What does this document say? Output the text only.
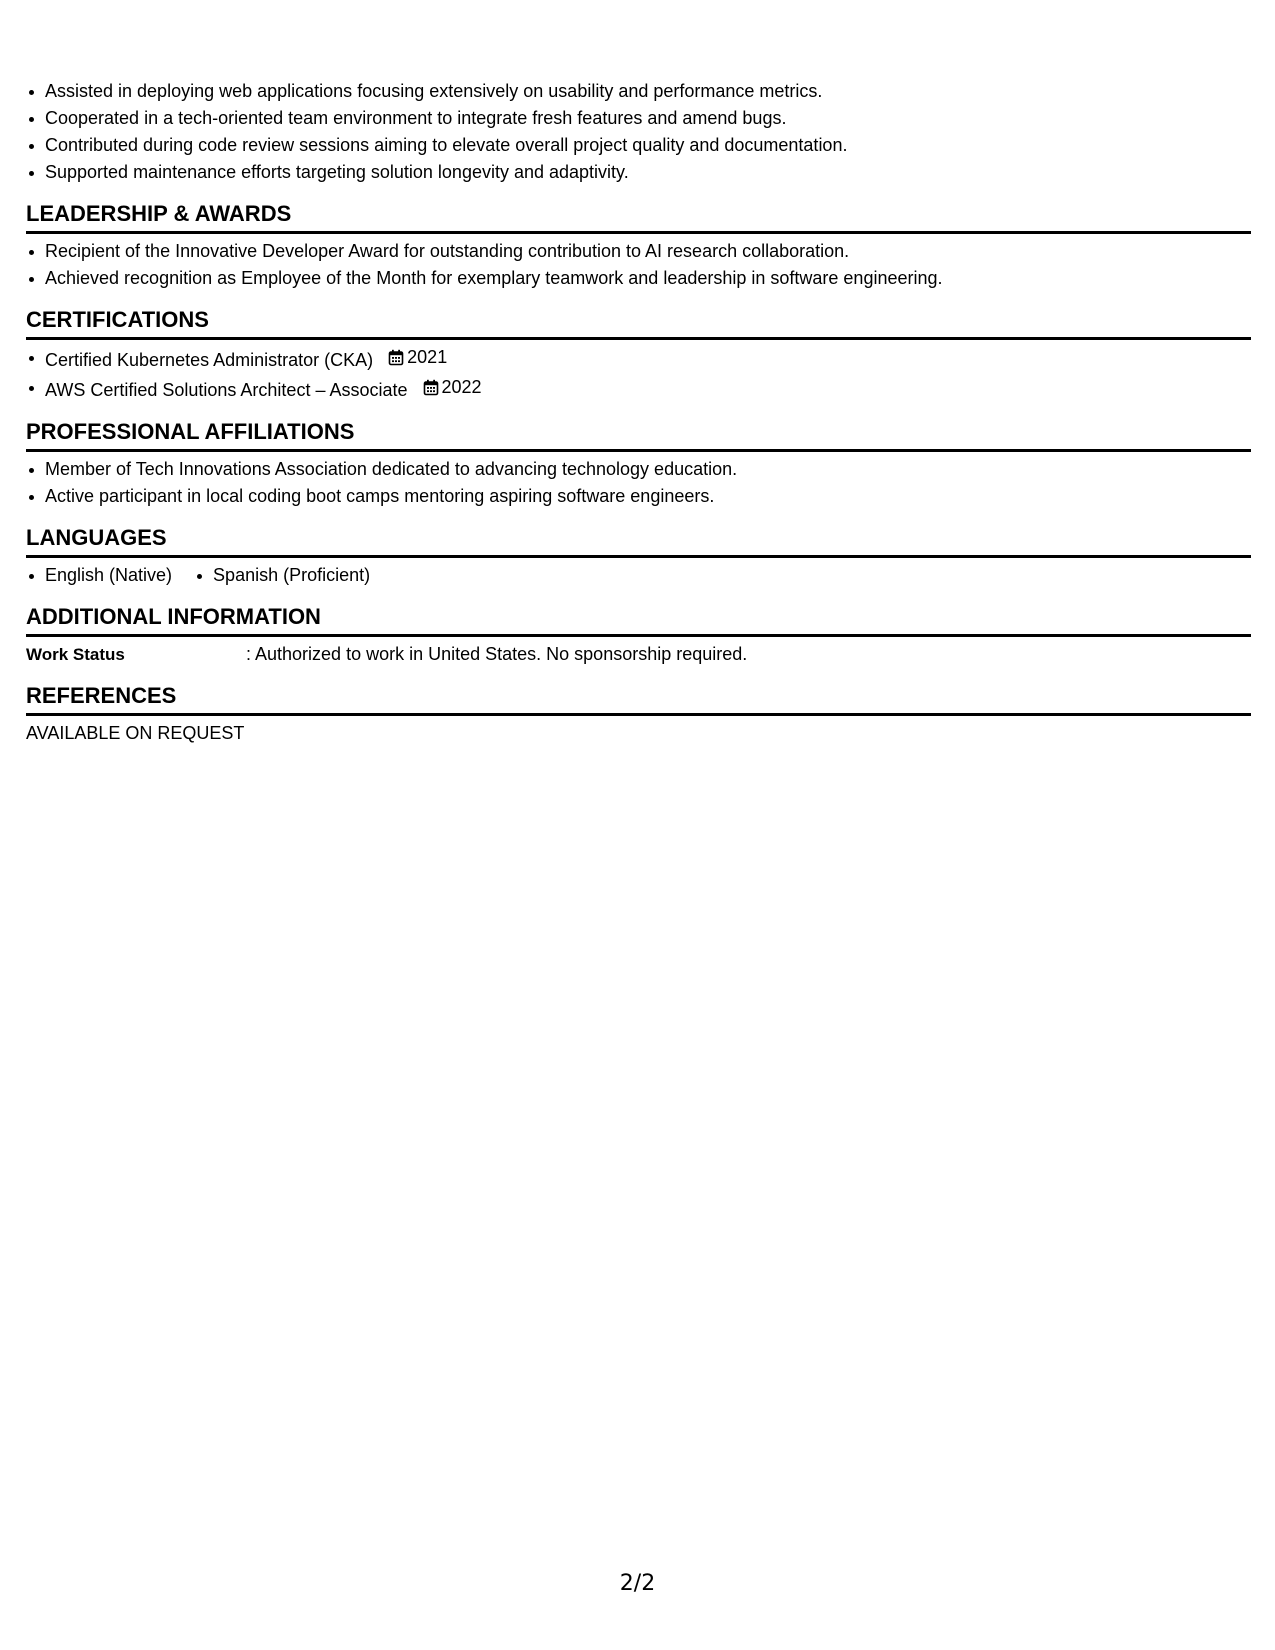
Assisted in deploying web applications focusing extensively on usability and performance metrics.
Cooperated in a tech-oriented team environment to integrate fresh features and amend bugs.
Contributed during code review sessions aiming to elevate overall project quality and documentation.
Supported maintenance efforts targeting solution longevity and adaptivity.
LEADERSHIP & AWARDS
Recipient of the Innovative Developer Award for outstanding contribution to AI research collaboration.
Achieved recognition as Employee of the Month for exemplary teamwork and leadership in software engineering.
CERTIFICATIONS
Certified Kubernetes Administrator (CKA) 2021
AWS Certified Solutions Architect – Associate 2022
PROFESSIONAL AFFILIATIONS
Member of Tech Innovations Association dedicated to advancing technology education.
Active participant in local coding boot camps mentoring aspiring software engineers.
LANGUAGES
English (Native)	Spanish (Proficient)
ADDITIONAL INFORMATION
Work Status	: Authorized to work in United States. No sponsorship required.
REFERENCES
AVAILABLE ON REQUEST
2/2
